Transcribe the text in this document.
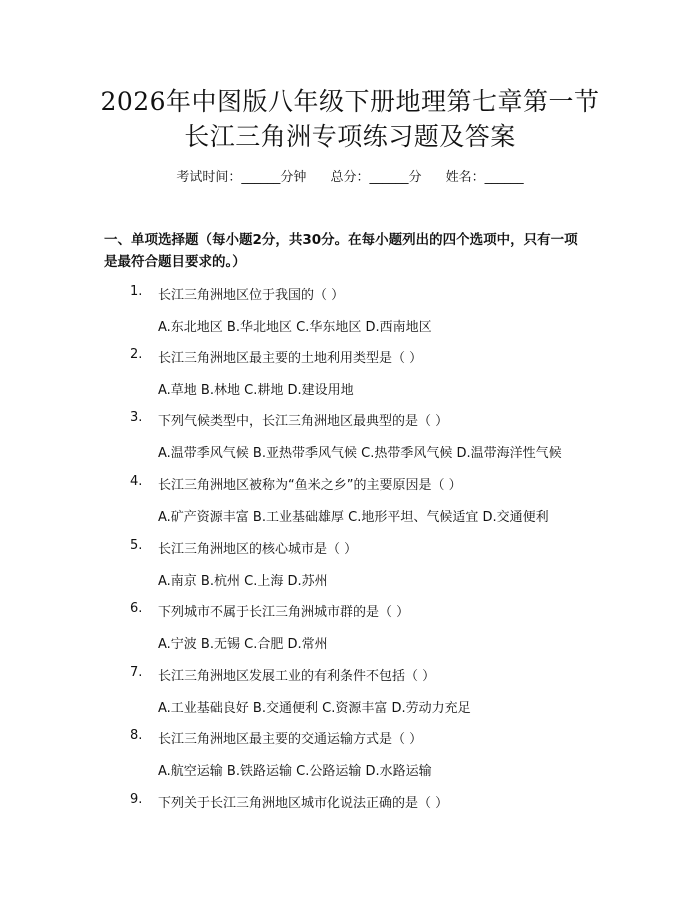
2026年中图版八年级下册地理第七章第一节
长江三角洲专项练习题及答案
考试时间：______分钟 总分：______分 姓名：______
一、单项选择题（每小题2分，共30分。在每小题列出的四个选项中，只有一项
是最符合题目要求的。）
1.	长江三角洲地区位于我国的（ ）
A.东北地区 B.华北地区 C.华东地区 D.西南地区
2.	长江三角洲地区最主要的土地利用类型是（ ）
A.草地 B.林地 C.耕地 D.建设用地
3.	下列气候类型中，长江三角洲地区最典型的是（ ）
A.温带季风气候 B.亚热带季风气候 C.热带季风气候 D.温带海洋性气候
4.	长江三角洲地区被称为“鱼米之乡”的主要原因是（ ）
A.矿产资源丰富 B.工业基础雄厚 C.地形平坦、气候适宜 D.交通便利
5.	长江三角洲地区的核心城市是（ ）
A.南京 B.杭州 C.上海 D.苏州
6.	下列城市不属于长江三角洲城市群的是（ ）
A.宁波 B.无锡 C.合肥 D.常州
7.	长江三角洲地区发展工业的有利条件不包括（ ）
A.工业基础良好 B.交通便利 C.资源丰富 D.劳动力充足
8.	长江三角洲地区最主要的交通运输方式是（ ）
A.航空运输 B.铁路运输 C.公路运输 D.水路运输
9.	下列关于长江三角洲地区城市化说法正确的是（ ）
